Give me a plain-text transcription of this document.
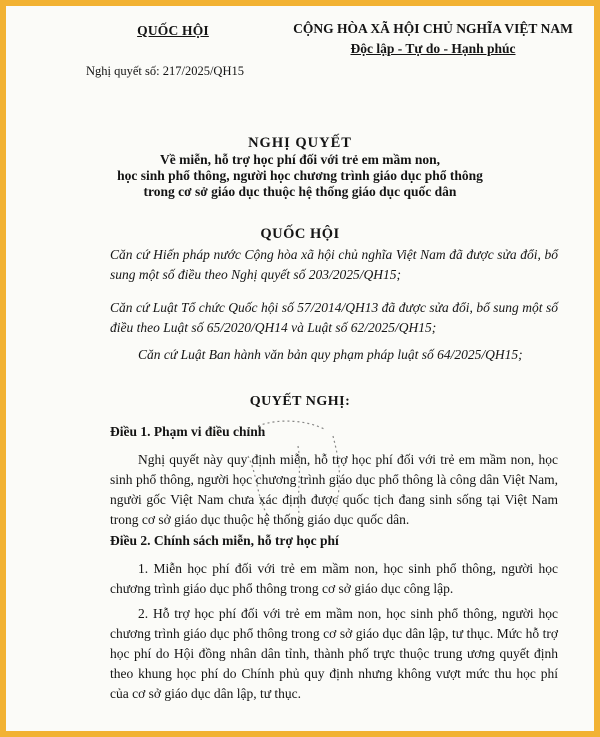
QUỐC HỘI	CỘNG HÒA XÃ HỘI CHỦ NGHĨA VIỆT NAM
Độc lập - Tự do - Hạnh phúc
Nghị quyết số: 217/2025/QH15
NGHỊ QUYẾT
Về miễn, hỗ trợ học phí đối với trẻ em mầm non,
học sinh phổ thông, người học chương trình giáo dục phổ thông
trong cơ sở giáo dục thuộc hệ thống giáo dục quốc dân
QUỐC HỘI
Căn cứ Hiến pháp nước Cộng hòa xã hội chủ nghĩa Việt Nam đã được sửa đổi, bổ sung một số điều theo Nghị quyết số 203/2025/QH15;
Căn cứ Luật Tổ chức Quốc hội số 57/2014/QH13 đã được sửa đổi, bổ sung một số điều theo Luật số 65/2020/QH14 và Luật số 62/2025/QH15;
Căn cứ Luật Ban hành văn bản quy phạm pháp luật số 64/2025/QH15;
QUYẾT NGHỊ:
Điều 1. Phạm vi điều chỉnh
Nghị quyết này quy định miễn, hỗ trợ học phí đối với trẻ em mầm non, học sinh phổ thông, người học chương trình giáo dục phổ thông là công dân Việt Nam, người gốc Việt Nam chưa xác định được quốc tịch đang sinh sống tại Việt Nam trong cơ sở giáo dục thuộc hệ thống giáo dục quốc dân.
Điều 2. Chính sách miễn, hỗ trợ học phí
1. Miễn học phí đối với trẻ em mầm non, học sinh phổ thông, người học chương trình giáo dục phổ thông trong cơ sở giáo dục công lập.
2. Hỗ trợ học phí đối với trẻ em mầm non, học sinh phổ thông, người học chương trình giáo dục phổ thông trong cơ sở giáo dục dân lập, tư thục. Mức hỗ trợ học phí do Hội đồng nhân dân tỉnh, thành phố trực thuộc trung ương quyết định theo khung học phí do Chính phủ quy định nhưng không vượt mức thu học phí của cơ sở giáo dục dân lập, tư thục.
